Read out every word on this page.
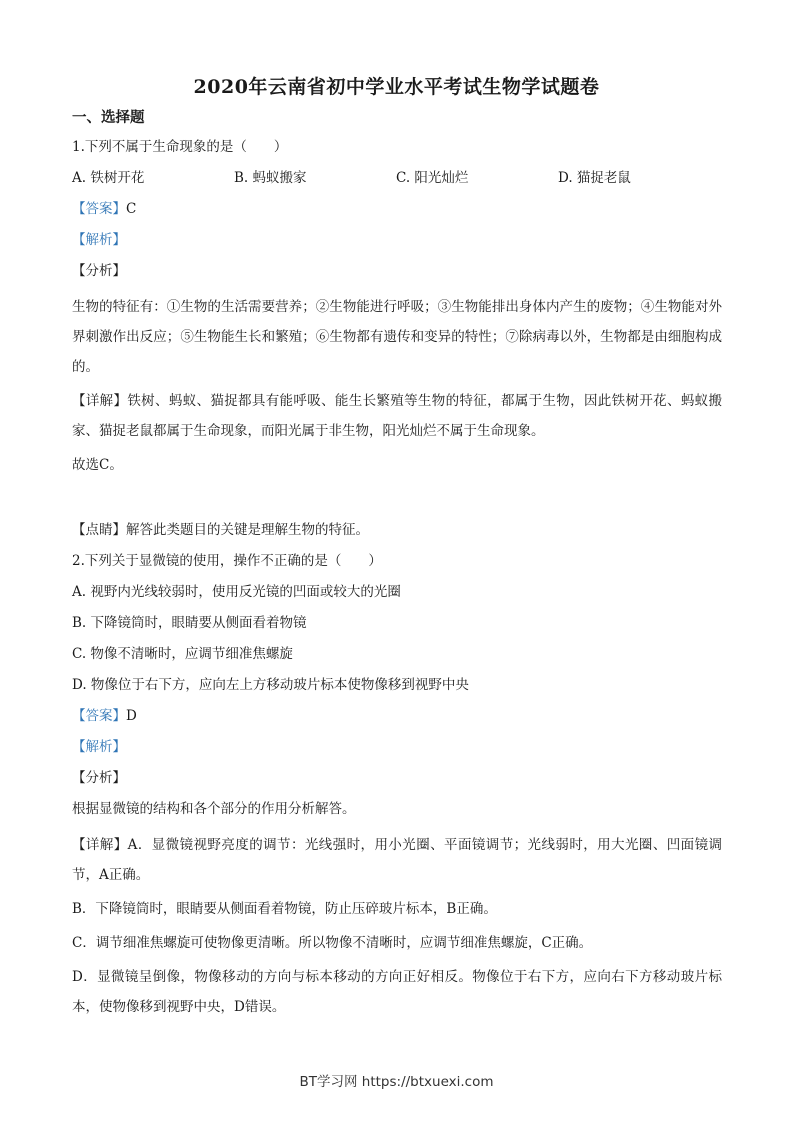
2020年云南省初中学业水平考试生物学试题卷
一、选择题
1.下列不属于生命现象的是（　　）
A. 铁树开花	B. 蚂蚁搬家	C. 阳光灿烂	D. 猫捉老鼠
【答案】C
【解析】
【分析】
生物的特征有：①生物的生活需要营养；②生物能进行呼吸；③生物能排出身体内产生的废物；④生物能对外界刺激作出反应；⑤生物能生长和繁殖；⑥生物都有遗传和变异的特性；⑦除病毒以外，生物都是由细胞构成的。
【详解】铁树、蚂蚁、猫捉都具有能呼吸、能生长繁殖等生物的特征，都属于生物，因此铁树开花、蚂蚁搬家、猫捉老鼠都属于生命现象，而阳光属于非生物，阳光灿烂不属于生命现象。
故选C。
【点睛】解答此类题目的关键是理解生物的特征。
2.下列关于显微镜的使用，操作不正确的是（　　）
A. 视野内光线较弱时，使用反光镜的凹面或较大的光圈
B. 下降镜筒时，眼睛要从侧面看着物镜
C. 物像不清晰时，应调节细准焦螺旋
D. 物像位于右下方，应向左上方移动玻片标本使物像移到视野中央
【答案】D
【解析】
【分析】
根据显微镜的结构和各个部分的作用分析解答。
【详解】A．显微镜视野亮度的调节：光线强时，用小光圈、平面镜调节；光线弱时，用大光圈、凹面镜调节，A正确。
B．下降镜筒时，眼睛要从侧面看着物镜，防止压碎玻片标本，B正确。
C．调节细准焦螺旋可使物像更清晰。所以物像不清晰时，应调节细准焦螺旋，C正确。
D．显微镜呈倒像，物像移动的方向与标本移动的方向正好相反。物像位于右下方，应向右下方移动玻片标本，使物像移到视野中央，D错误。
BT学习网 https://btxuexi.com
